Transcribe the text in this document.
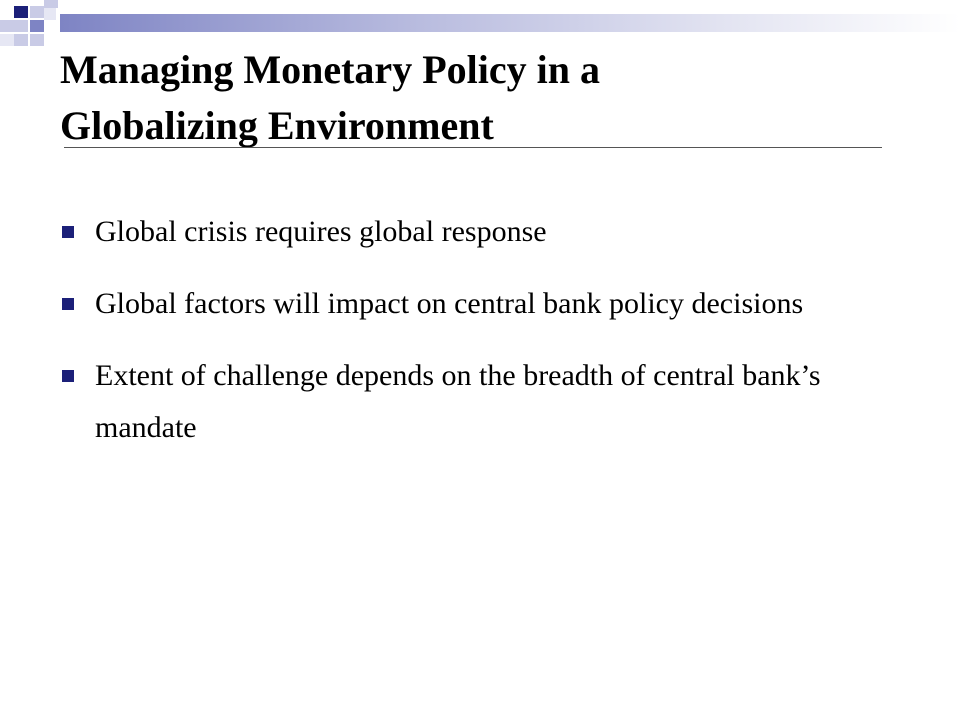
Managing Monetary Policy in a
Globalizing Environment
Global crisis requires global response
Global factors will impact on central bank policy decisions
Extent of challenge depends on the breadth of central bank’s mandate
